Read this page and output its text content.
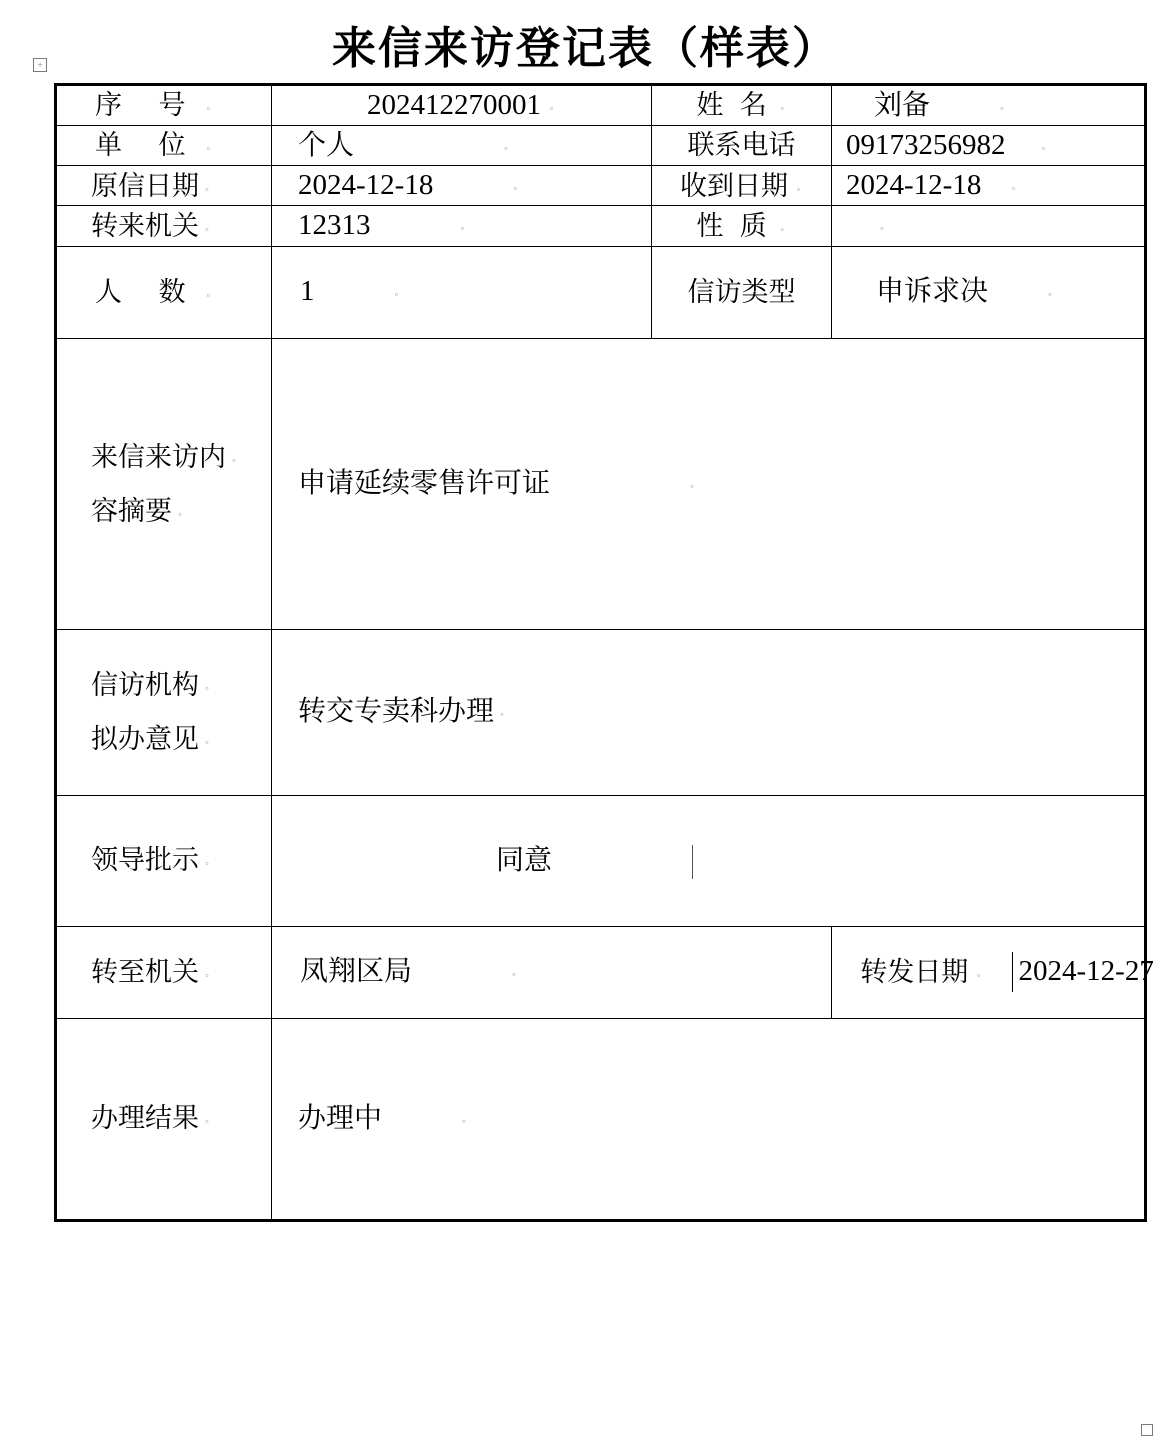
+	来信来访登记表（样表）
序 号◦	202412270001◦	姓 名◦	刘备◦
单 位◦	个人◦	联系电话	09173256982◦
原信日期◦	2024-12-18◦	收到日期◦	2024-12-18◦
转来机关◦	12313◦	性 质◦	◦
人 数◦	1◦	信访类型	申诉求决◦

来信来访内◦
容摘要◦
	申请延续零售许可证◦

信访机构◦
拟办意见◦
	转交专卖科办理◦
领导批示◦	同意
转至机关◦	凤翔区局 ◦		转发日期◦	2024-12-27

办理结果◦	办理中◦
